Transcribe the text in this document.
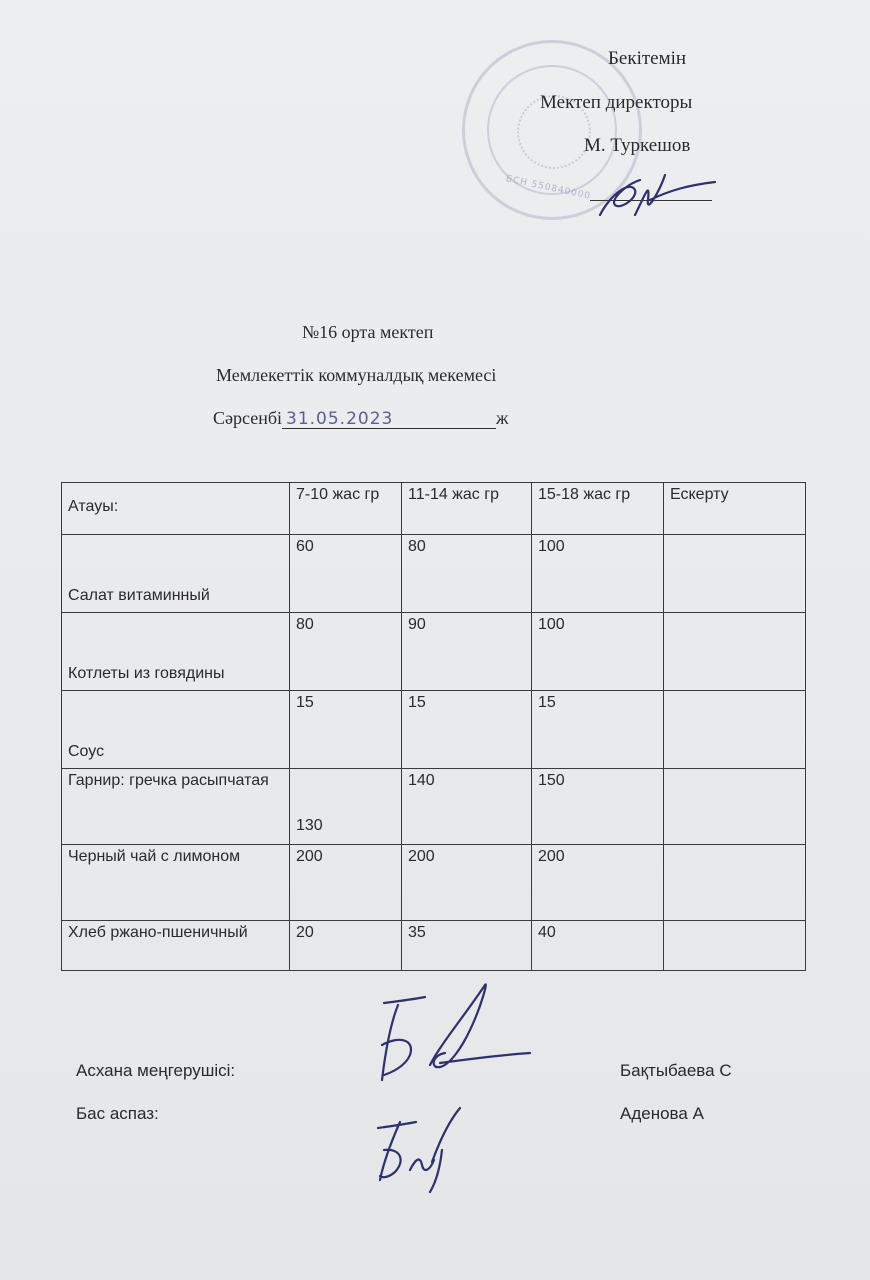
БСН 550840000
Бекітемін
Мектеп директоры
М. Туркешов
№16 орта мектеп
Мемлекеттік коммуналдық мекемесі
Сәрсенбі 31.05.2023	ж
Атауы:	7-10 жас гр	11-14 жас гр	15-18 жас гр	Ескерту
Салат витаминный	60	80	100	
Котлеты из говядины	80	90	100	
Соус	15	15	15	
Гарнир: гречка расыпчатая	130	140	150	
Черный чай с лимоном	200	200	200	
Хлеб ржано-пшеничный	20	35	40	
Асхана меңгерушісі:	Бақтыбаева С
Бас аспаз:	Аденова А
